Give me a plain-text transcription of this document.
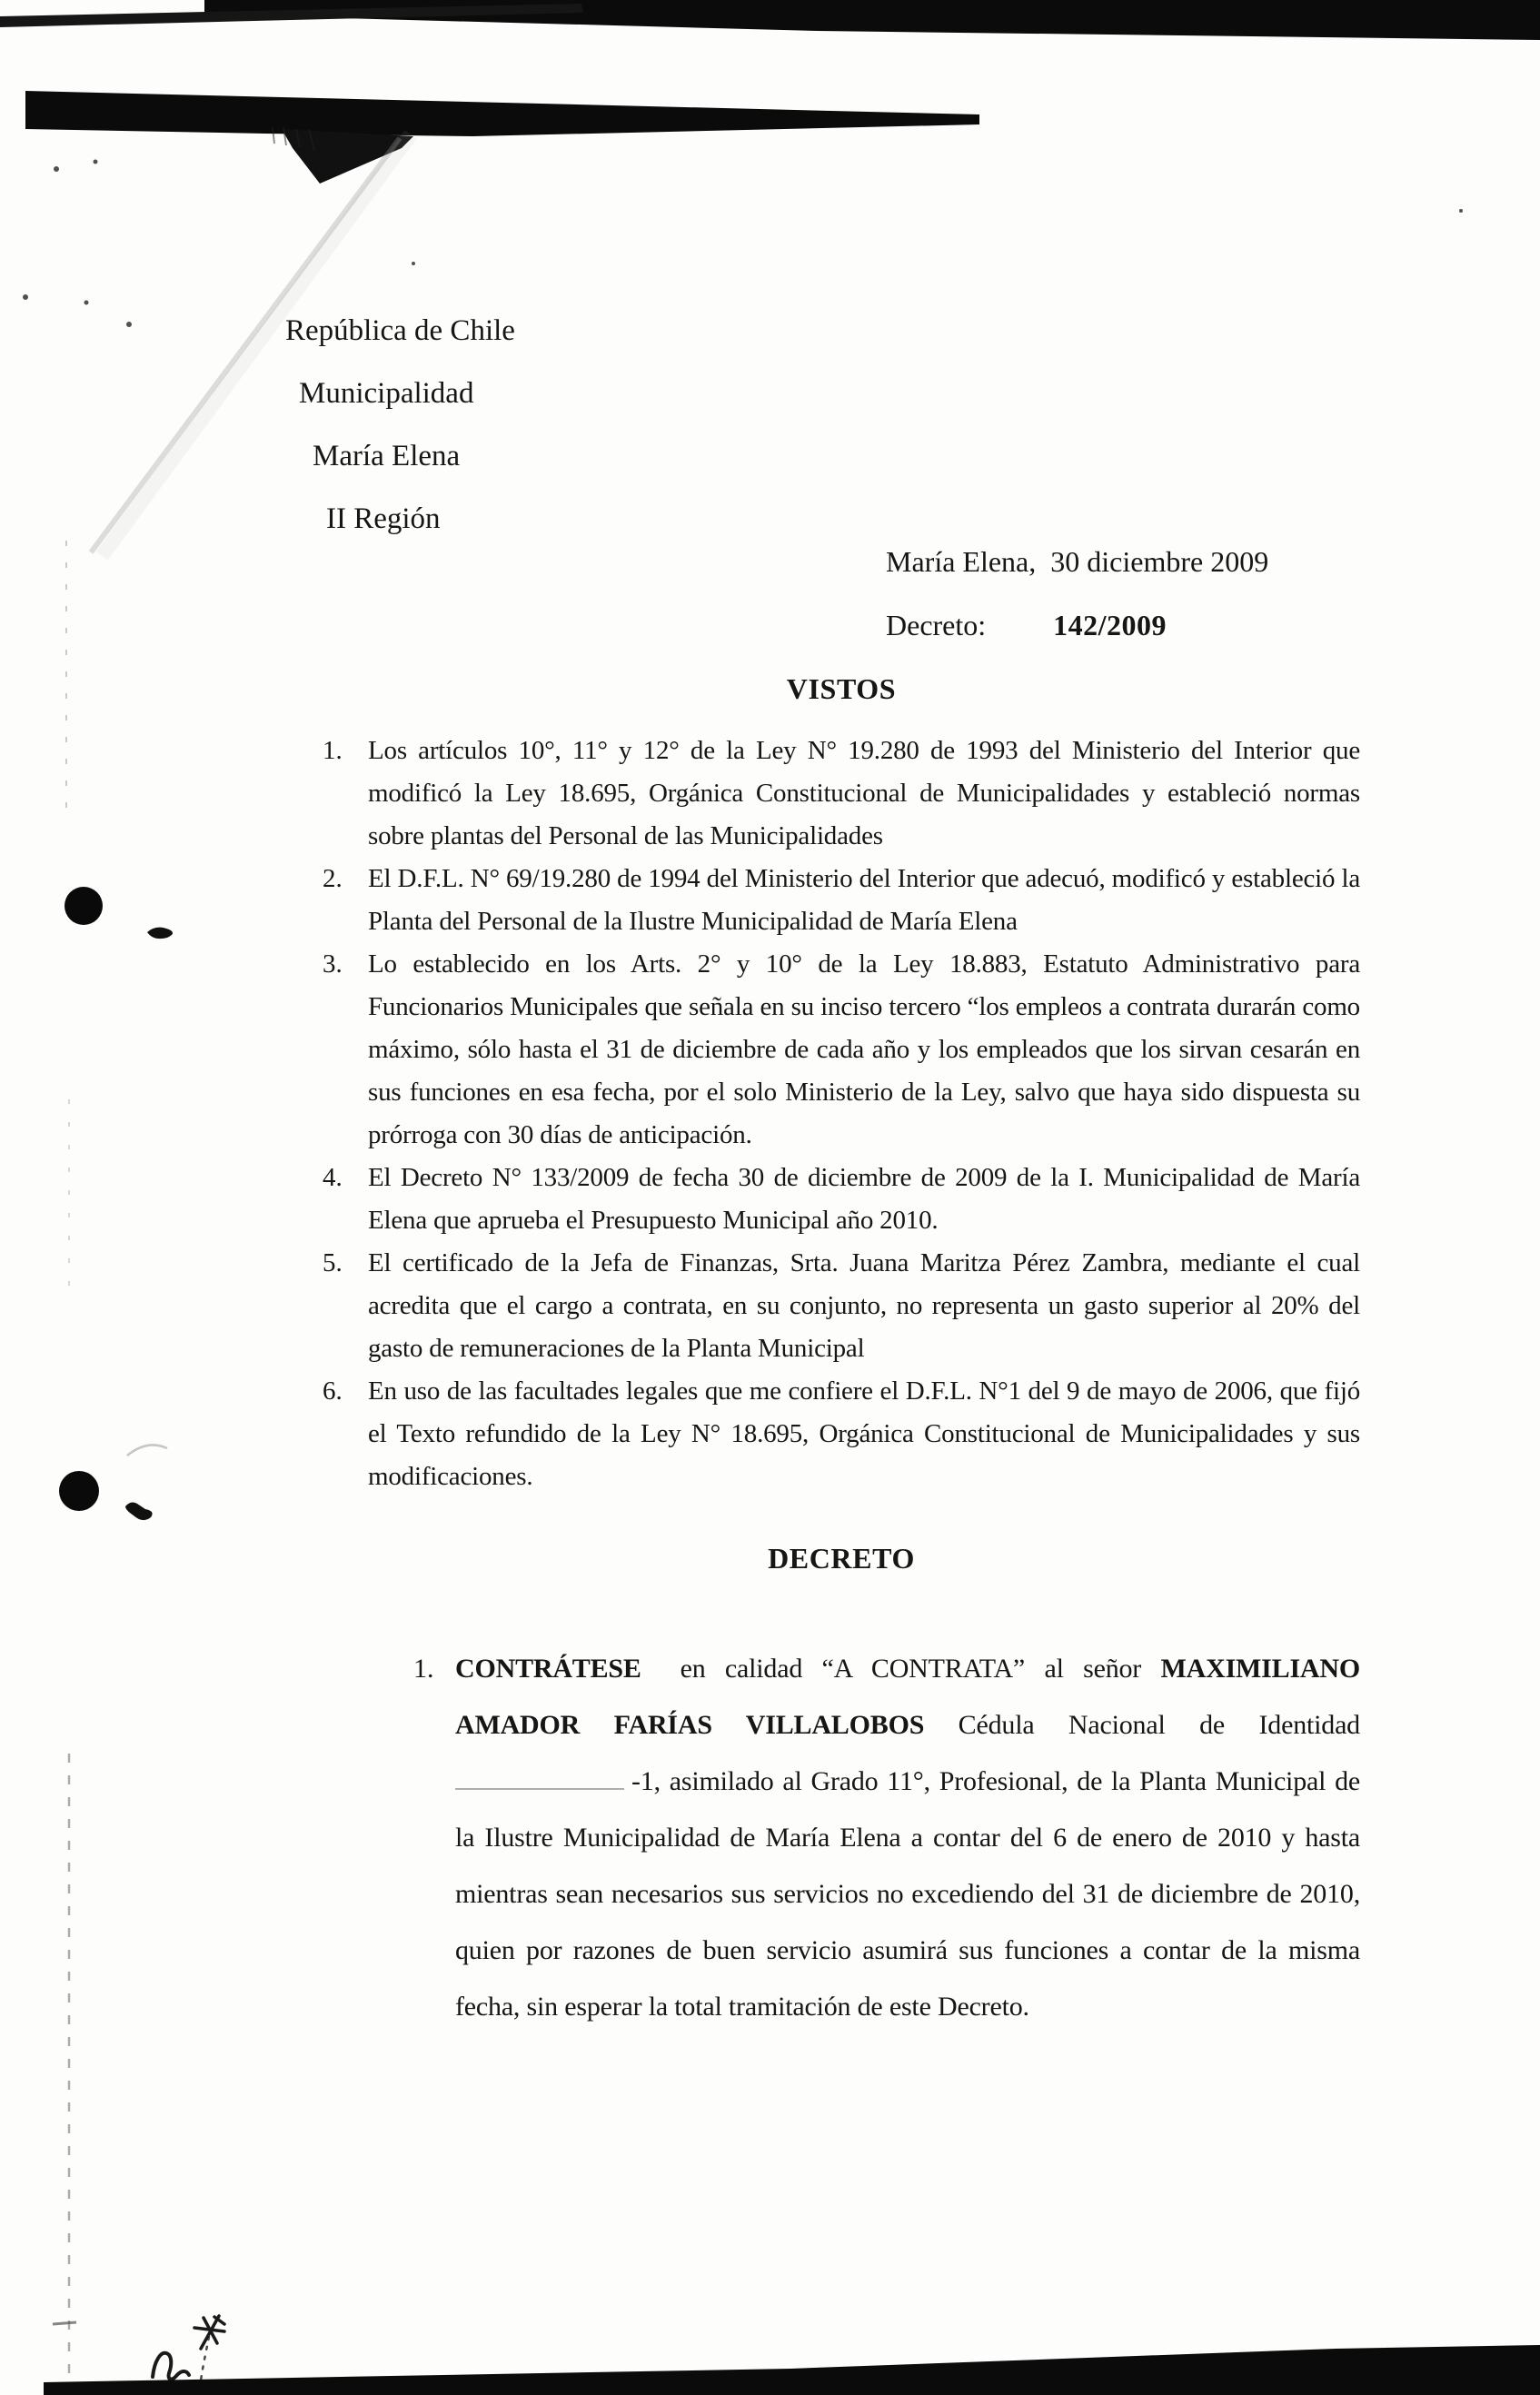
República de Chile
Municipalidad
María Elena
II Región
María Elena,  30 diciembre 2009
Decreto: 142/2009
VISTOS
1. Los artículos 10°, 11° y 12° de la Ley N° 19.280 de 1993 del Ministerio del Interior que modificó la Ley 18.695, Orgánica Constitucional de Municipalidades y estableció normas sobre plantas del Personal de las Municipalidades
2. El D.F.L. N° 69/19.280 de 1994 del Ministerio del Interior que adecuó, modificó y estableció la Planta del Personal de la Ilustre Municipalidad de María Elena
3. Lo establecido en los Arts. 2° y 10° de la Ley 18.883, Estatuto Administrativo para Funcionarios Municipales que señala en su inciso tercero “los empleos a contrata durarán como máximo, sólo hasta el 31 de diciembre de cada año y los empleados que los sirvan cesarán en sus funciones en esa fecha, por el solo Ministerio de la Ley, salvo que haya sido dispuesta su prórroga con 30 días de anticipación.
4. El Decreto N° 133/2009 de fecha 30 de diciembre de 2009 de la I. Municipalidad de María Elena que aprueba el Presupuesto Municipal año 2010.
5. El certificado de la Jefa de Finanzas, Srta. Juana Maritza Pérez Zambra, mediante el cual acredita que el cargo a contrata, en su conjunto, no representa un gasto superior al 20% del gasto de remuneraciones de la Planta Municipal
6. En uso de las facultades legales que me confiere el D.F.L. N°1 del 9 de mayo de 2006, que fijó el Texto refundido de la Ley N° 18.695, Orgánica Constitucional de Municipalidades y sus modificaciones.
DECRETO
1. CONTRÁTESE  en calidad “A CONTRATA” al señor MAXIMILIANO AMADOR FARÍAS VILLALOBOS Cédula Nacional de Identidad -1, asimilado al Grado 11°, Profesional, de la Planta Municipal de la Ilustre Municipalidad de María Elena a contar del 6 de enero de 2010 y hasta mientras sean necesarios sus servicios no excediendo del 31 de diciembre de 2010, quien por razones de buen servicio asumirá sus funciones a contar de la misma fecha, sin esperar la total tramitación de este Decreto.
